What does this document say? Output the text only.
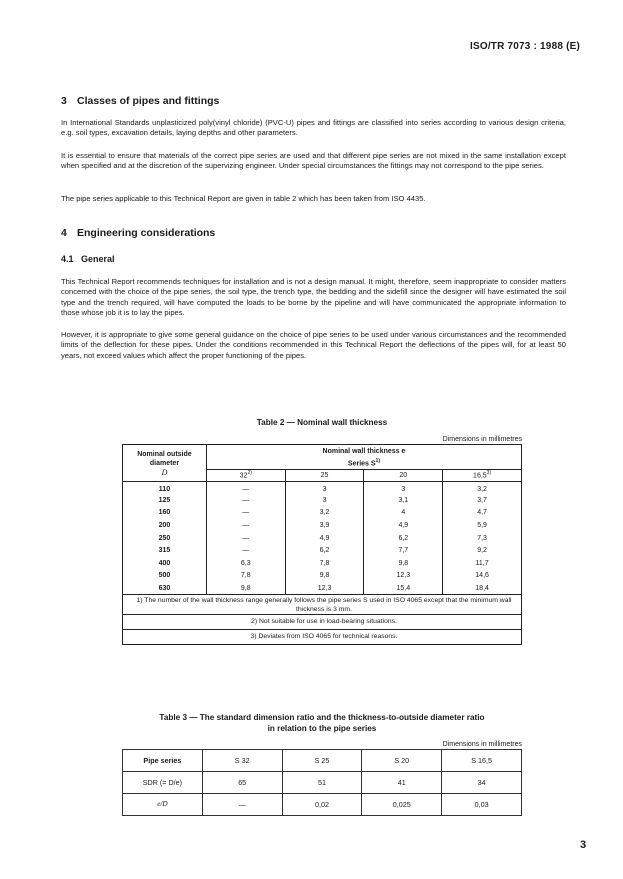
ISO/TR 7073 : 1988 (E)
3 Classes of pipes and fittings

In International Standards unplasticized poly(vinyl chloride) (PVC-U) pipes and fittings are classified into series according to various design criteria, e.g. soil types, excavation details, laying depths and other parameters.

It is essential to ensure that materials of the correct pipe series are used and that different pipe series are not mixed in the same installation except when specified and at the discretion of the supervizing engineer. Under special circumstances the fittings may not correspond to the pipe series.

The pipe series applicable to this Technical Report are given in table 2 which has been taken from ISO 4435.

4 Engineering considerations
4.1 General

This Technical Report recommends techniques for installation and is not a design manual. It might, therefore, seem inappropriate to consider matters concerned with the choice of the pipe series, the soil type, the trench type, the bedding and the sidefill since the designer will have estimated the soil type and the trench required, will have computed the loads to be borne by the pipeline and will have communicated the appropriate information to those whose job it is to lay the pipes.

However, it is appropriate to give some general guidance on the choice of pipe series to be used under various circumstances and the recommended limits of the deflection for these pipes. Under the conditions recommended in this Technical Report the deflections of the pipes will, for at least 50 years, not exceed values which affect the proper functioning of the pipes.

Table 2 — Nominal wall thickness
Dimensions in millimetres
Nominal outside diameter
D	Nominal wall thickness e			
	Series $S^{1)}$
	32$^{2)}$	25	20	16,5$^{3)}$
110	—	3	3	3,2
125	—	3	3,1	3,7
160	—	3,2	4	4,7
200	—	3,9	4,9	5,9
250	—	4,9	6,2	7,3
315	—	6,2	7,7	9,2
400	6,3	7,8	9,8	11,7
500	7,8	9,8	12,3	14,6
630	9,8	12,3	15,4	18,4
1) The number of the wall thickness range generally follows the pipe series S used in ISO 4065 except that the minimum wall thickness is 3 mm.				
2) Not suitable for use in load-bearing situations.				
3) Deviates from ISO 4065 for technical reasons.				
Table 3 — The standard dimension ratio and the thickness-to-outside diameter ratio
in relation to the pipe series
Dimensions in millimetres
Pipe series	S 32	S 25	S 20	S 16,5
SDR (= D/e)	65	51	41	34
e/D	—	0,02	0,025	0,03
3
